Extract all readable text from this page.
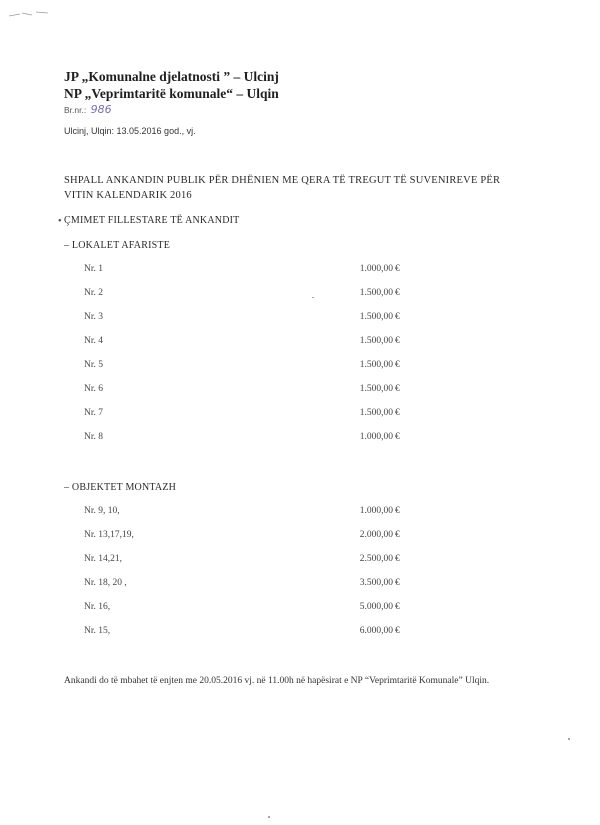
JP „Komunalne djelatnosti ” – Ulcinj
NP „Veprimtaritë komunale“ – Ulqin
Br.nr.: 986
Ulcinj, Ulqin: 13.05.2016 god., vj.
SHPALL ANKANDIN PUBLIK PËR DHËNIEN ME QERA TË TREGUT TË SUVENIREVE PËR VITIN KALENDARIK 2016
• ÇMIMET FILLESTARE TË ANKANDIT
– LOKALET AFARISTE
Nr. 1	1.000,00 €
Nr. 2	1.500,00 €
Nr. 3	1.500,00 €
Nr. 4	1.500,00 €
Nr. 5	1.500,00 €
Nr. 6	1.500,00 €
Nr. 7	1.500,00 €
Nr. 8	1.000,00 €
– OBJEKTET MONTAZH
Nr. 9, 10,	1.000,00 €
Nr. 13,17,19,	2.000,00 €
Nr. 14,21,	2.500,00 €
Nr. 18, 20 ,	3.500,00 €
Nr. 16,	5.000,00 €
Nr. 15,	6.000,00 €
Ankandi do të mbahet të enjten me 20.05.2016 vj. në 11.00h në hapësirat e NP “Veprimtaritë Komunale” Ulqin.
